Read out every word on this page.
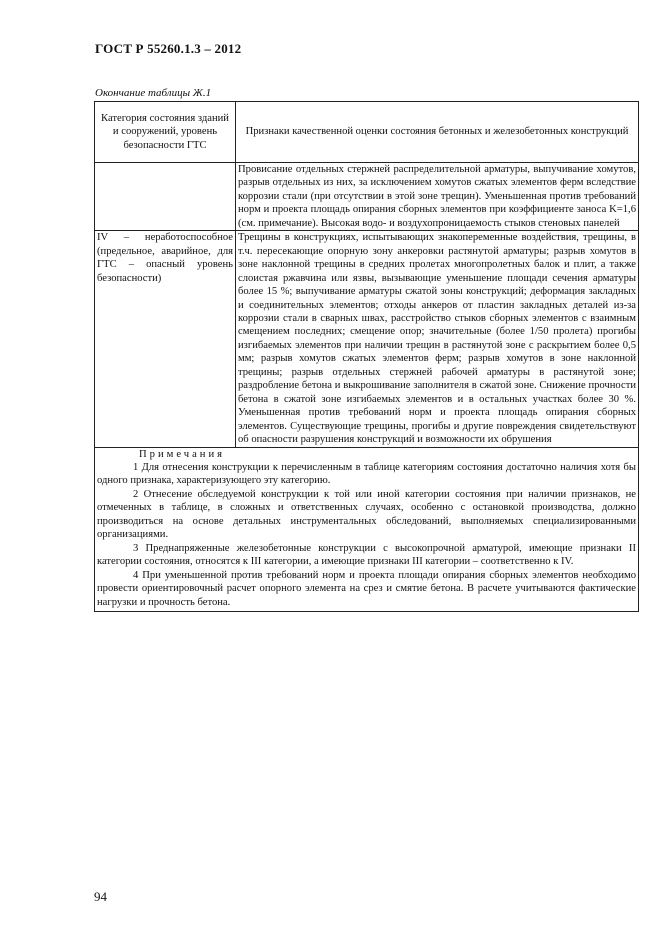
ГОСТ Р 55260.1.3 – 2012
Окончание таблицы Ж.1
Категория состояния зданий и сооружений, уровень безопасности ГТС	Признаки качественной оценки состояния бетонных и железобетонных конструкций
	Провисание отдельных стержней распределительной арматуры, выпучивание хомутов, разрыв отдельных из них, за исключением хомутов сжатых элементов ферм вследствие коррозии стали (при отсутствии в этой зоне трещин). Уменьшенная против требований норм и проекта площадь опирания сборных элементов при коэффициенте заноса K=1,6 (см. примечание). Высокая водо- и воздухопроницаемость стыков стеновых панелей
IV – неработоспособное (предельное, аварийное, для ГТС – опасный уровень безопасности)	Трещины в конструкциях, испытывающих знакопеременные воздействия, трещины, в т.ч. пересекающие опорную зону анкеровки растянутой арматуры; разрыв хомутов в зоне наклонной трещины в средних пролетах многопролетных балок и плит, а также слоистая ржавчина или язвы, вызывающие уменьшение площади сечения арматуры более 15 %; выпучивание арматуры сжатой зоны конструкций; деформация закладных и соединительных элементов; отходы анкеров от пластин закладных деталей из-за коррозии стали в сварных швах, расстройство стыков сборных элементов с взаимным смещением последних; смещение опор; значительные (более 1/50 пролета) прогибы изгибаемых элементов при наличии трещин в растянутой зоне с раскрытием более 0,5 мм; разрыв хомутов сжатых элементов ферм; разрыв хомутов в зоне наклонной трещины; разрыв отдельных стержней рабочей арматуры в растянутой зоне; раздробление бетона и выкрошивание заполнителя в сжатой зоне. Снижение прочности бетона в сжатой зоне изгибаемых элементов и в остальных участках более 30 %. Уменьшенная против требований норм и проекта площадь опирания сборных элементов. Существующие трещины, прогибы и другие повреждения свидетельствуют об опасности разрушения конструкций и возможности их обрушения

Примечания

1 Для отнесения конструкции к перечисленным в таблице категориям состояния достаточно наличия хотя бы одного признака, характеризующего эту категорию.

2 Отнесение обследуемой конструкции к той или иной категории состояния при наличии признаков, не отмеченных в таблице, в сложных и ответственных случаях, особенно с остановкой производства, должно производиться на основе детальных инструментальных обследований, выполняемых специализированными организациями.

3 Преднапряженные железобетонные конструкции с высокопрочной арматурой, имеющие признаки II категории состояния, относятся к III категории, а имеющие признаки III категории – соответственно к IV.

4 При уменьшенной против требований норм и проекта площади опирания сборных элементов необходимо провести ориентировочный расчет опорного элемента на срез и смятие бетона. В расчете учитываются фактические нагрузки и прочность бетона.	

94
